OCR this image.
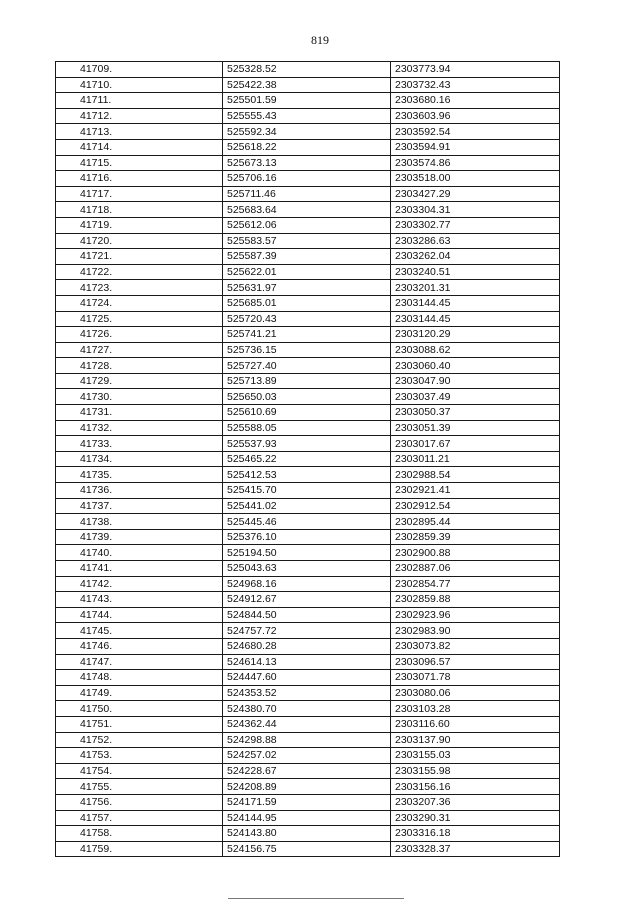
819
41709.	525328.52	2303773.94
41710.	525422.38	2303732.43
41711.	525501.59	2303680.16
41712.	525555.43	2303603.96
41713.	525592.34	2303592.54
41714.	525618.22	2303594.91
41715.	525673.13	2303574.86
41716.	525706.16	2303518.00
41717.	525711.46	2303427.29
41718.	525683.64	2303304.31
41719.	525612.06	2303302.77
41720.	525583.57	2303286.63
41721.	525587.39	2303262.04
41722.	525622.01	2303240.51
41723.	525631.97	2303201.31
41724.	525685.01	2303144.45
41725.	525720.43	2303144.45
41726.	525741.21	2303120.29
41727.	525736.15	2303088.62
41728.	525727.40	2303060.40
41729.	525713.89	2303047.90
41730.	525650.03	2303037.49
41731.	525610.69	2303050.37
41732.	525588.05	2303051.39
41733.	525537.93	2303017.67
41734.	525465.22	2303011.21
41735.	525412.53	2302988.54
41736.	525415.70	2302921.41
41737.	525441.02	2302912.54
41738.	525445.46	2302895.44
41739.	525376.10	2302859.39
41740.	525194.50	2302900.88
41741.	525043.63	2302887.06
41742.	524968.16	2302854.77
41743.	524912.67	2302859.88
41744.	524844.50	2302923.96
41745.	524757.72	2302983.90
41746.	524680.28	2303073.82
41747.	524614.13	2303096.57
41748.	524447.60	2303071.78
41749.	524353.52	2303080.06
41750.	524380.70	2303103.28
41751.	524362.44	2303116.60
41752.	524298.88	2303137.90
41753.	524257.02	2303155.03
41754.	524228.67	2303155.98
41755.	524208.89	2303156.16
41756.	524171.59	2303207.36
41757.	524144.95	2303290.31
41758.	524143.80	2303316.18
41759.	524156.75	2303328.37
